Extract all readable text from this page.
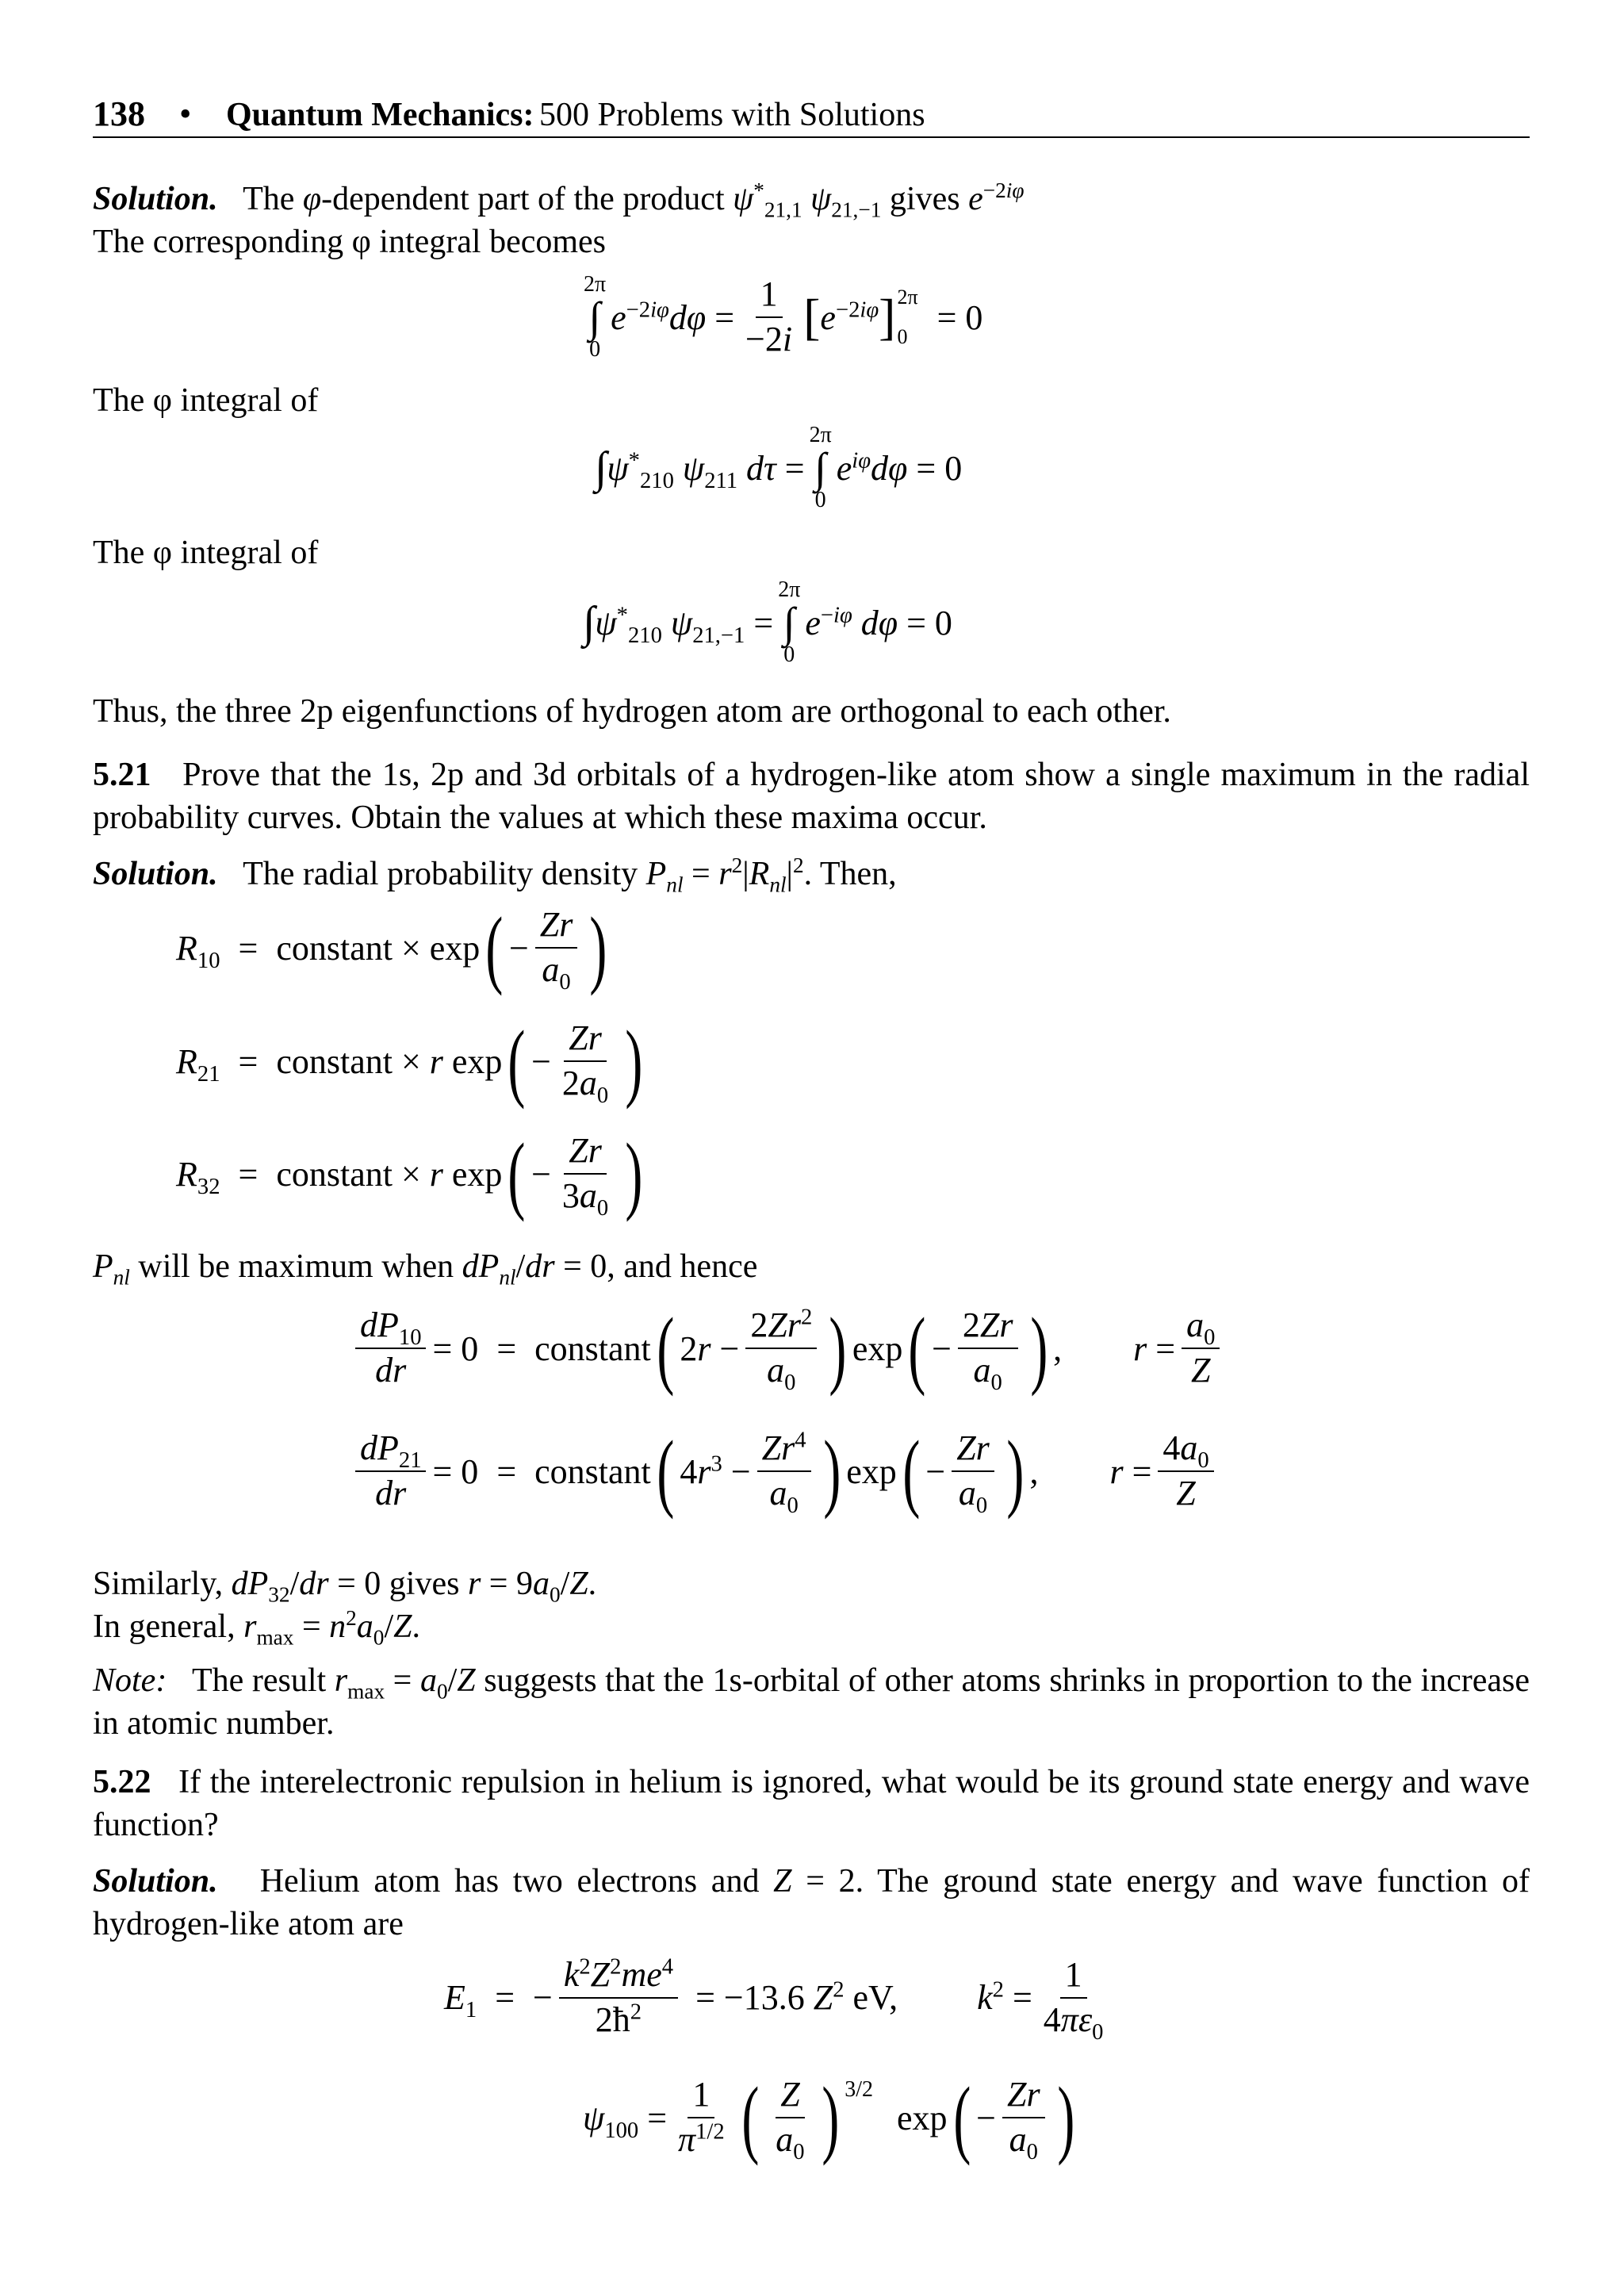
138 • Quantum Mechanics: 500 Problems with Solutions
Solution.   The φ-dependent part of the product $\psi^*_{21,1}$ $\psi_{21,-1}$ gives $e^{-2i\varphi}$
The corresponding φ integral becomes
2π
∫
0
$e^{-2i\varphi}d\varphi = \frac{1}{-2i}$ [ $e^{-2i\varphi}$ ] 2π
0 = 0
The φ integral of
∫ $\psi^*_{210}$ $\psi_{211}$ dτ =
2π
∫
0
$e^{i\varphi}d\varphi = 0$
The φ integral of
∫ $\psi^*_{210}$ $\psi_{21,-1}$ =
2π
∫
0
$e^{-i\varphi}$ dφ = 0
Thus, the three 2p eigenfunctions of hydrogen atom are orthogonal to each other.
5.21 Prove that the 1s, 2p and 3d orbitals of a hydrogen-like atom show a single maximum in the radial probability curves. Obtain the values at which these maxima occur.
Solution.   The radial probability density $P_{nl} = r^2|R_{nl}|^2$. Then,
$R_{10}$ = constant × exp ( − $\frac{Zr}{a_0}$ )
$R_{21}$ = constant × r exp ( − $\frac{Zr}{2a_0}$ )
$R_{32}$ = constant × r exp ( − $\frac{Zr}{3a_0}$ )
$P_{nl}$ will be maximum when $dP_{nl}/dr = 0$, and hence
$\frac{dP_{10}}{dr} = 0$ = constant ( $2r - \frac{2Zr^2}{a_0}$ ) exp ( − $\frac{2Zr}{a_0}$ ) , $r = \frac{a_0}{Z}$
$\frac{dP_{21}}{dr} = 0$ = constant ( $4r^3 - \frac{Zr^4}{a_0}$ ) exp ( − $\frac{Zr}{a_0}$ ) , $r = \frac{4a_0}{Z}$
Similarly, $dP_{32}/dr = 0$ gives $r = 9a_0/Z$.
In general, $r_{max} = n^2a_0/Z$.
Note:   The result $r_{max} = a_0/Z$ suggests that the 1s-orbital of other atoms shrinks in proportion to the increase in atomic number.
5.22 If the interelectronic repulsion in helium is ignored, what would be its ground state energy and wave function?
Solution.   Helium atom has two electrons and Z = 2. The ground state energy and wave function of hydrogen-like atom are
$E_1$ = − $\frac{k^2Z^2me^4}{2ħ^2} = -13.6$ $Z^2$ eV, $k^2 = \frac{1}{4\pi\varepsilon_0}$
$\psi_{100} = \frac{1}{\pi^{1/2}}$ ( $\frac{Z}{a_0}$ ) 3/2
exp ( − $\frac{Zr}{a_0}$ )
